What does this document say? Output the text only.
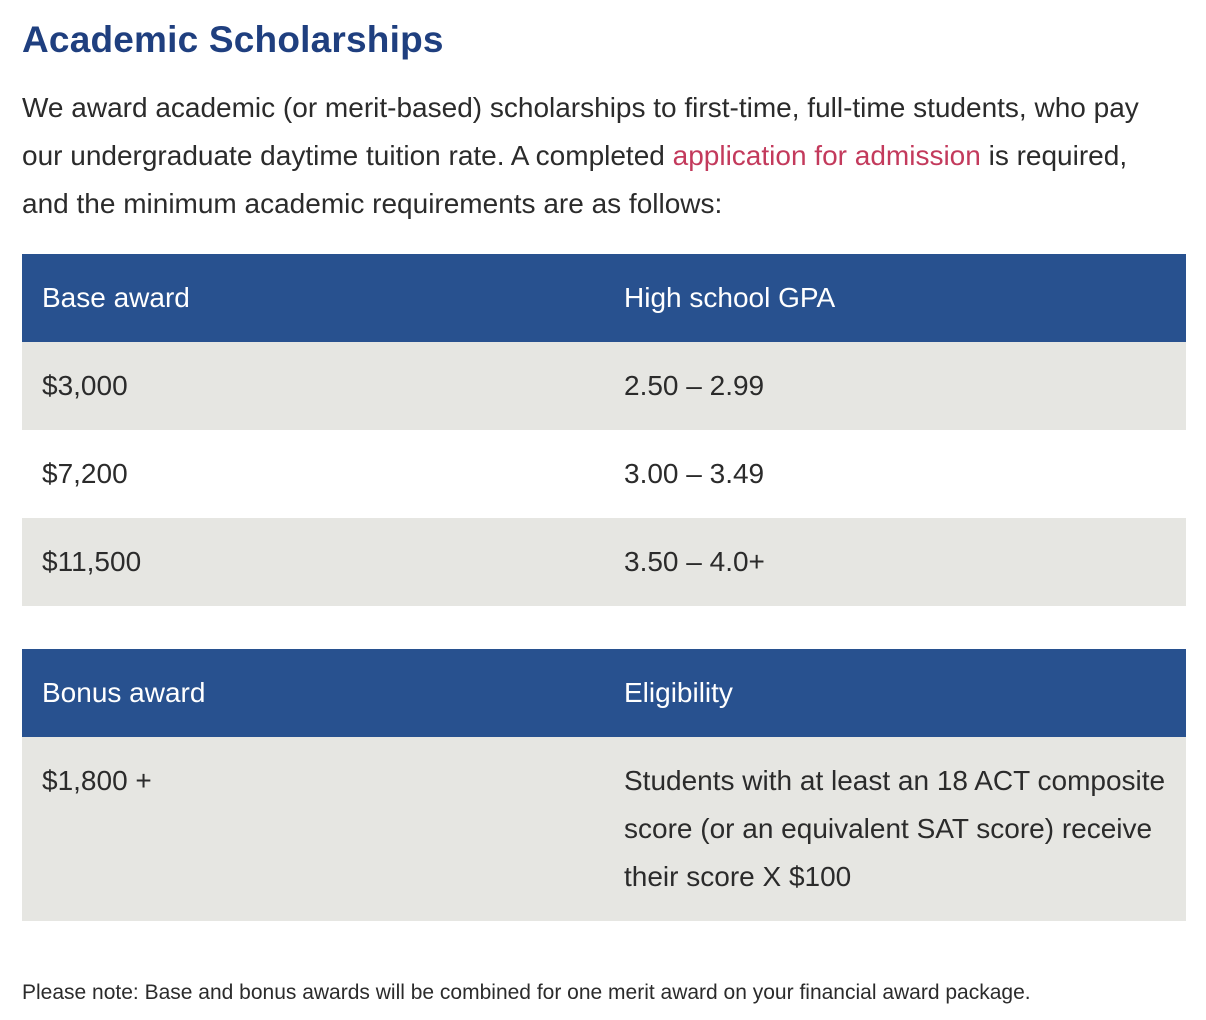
Academic Scholarships

We award academic (or merit-based) scholarships to first-time, full-time students, who pay our undergraduate daytime tuition rate. A completed application for admission is required, and the minimum academic requirements are as follows:

Base award	High school GPA
$3,000	2.50 – 2.99
$7,200	3.00 – 3.49
$11,500	3.50 – 4.0+
Bonus award	Eligibility
$1,800 +	Students with at least an 18 ACT composite score (or an equivalent SAT score) receive their score X $100

Please note: Base and bonus awards will be combined for one merit award on your financial award package.
